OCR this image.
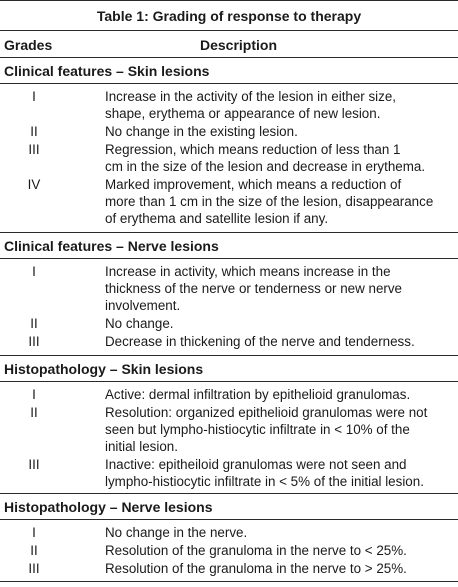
Table 1: Grading of response to therapy
Grades	Description
Clinical features – Skin lesions
I	Increase in the activity of the lesion in either size,
shape, erythema or appearance of new lesion.
II	No change in the existing lesion.
III	Regression, which means reduction of less than 1
cm in the size of the lesion and decrease in erythema.
IV	Marked improvement, which means a reduction of
more than 1 cm in the size of the lesion, disappearance
of erythema and satellite lesion if any.
Clinical features – Nerve lesions
I	Increase in activity, which means increase in the
thickness of the nerve or tenderness or new nerve
involvement.
II	No change.
III	Decrease in thickening of the nerve and tenderness.
Histopathology – Skin lesions
I	Active: dermal infiltration by epithelioid granulomas.
II	Resolution: organized epithelioid granulomas were not
seen but lympho-histiocytic infiltrate in < 10% of the
initial lesion.
III	Inactive: epitheiloid granulomas were not seen and
lympho-histiocytic infiltrate in < 5% of the initial lesion.
Histopathology – Nerve lesions
I	No change in the nerve.
II	Resolution of the granuloma in the nerve to < 25%.
III	Resolution of the granuloma in the nerve to > 25%.
